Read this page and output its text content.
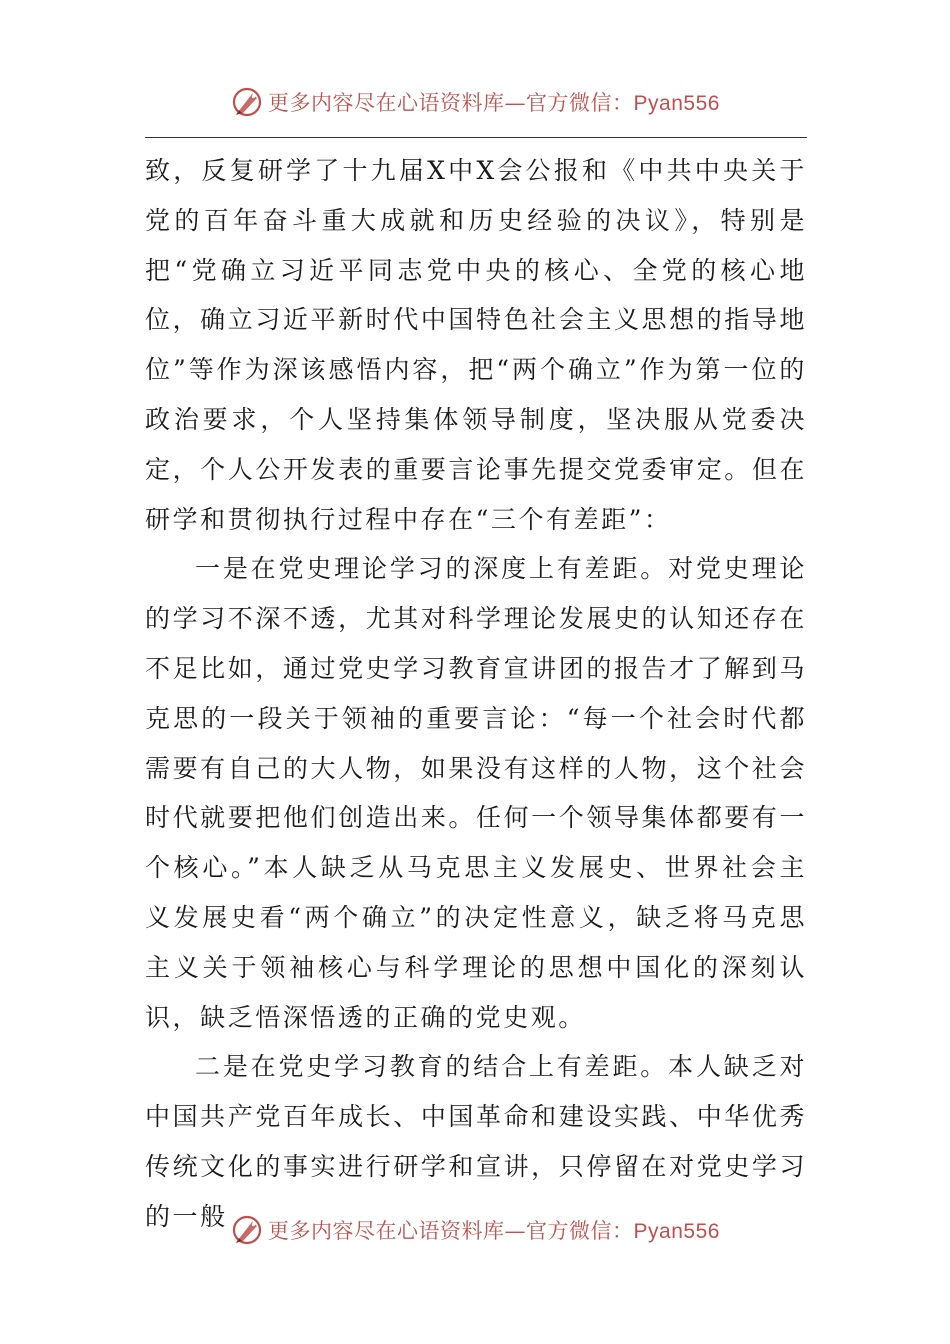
更多内容尽在心语资料库—官方微信：Pyan556

致，反复研学了十九届X中X会公报和《中共中央关于党的百年奋斗重大成就和历史经验的决议》，特别是把“党确立习近平同志党中央的核心、全党的核心地位，确立习近平新时代中国特色社会主义思想的指导地位”等作为深该感悟内容，把“两个确立”作为第一位的政治要求，个人坚持集体领导制度，坚决服从党委决定，个人公开发表的重要言论事先提交党委审定。但在研学和贯彻执行过程中存在“三个有差距”：

一是在党史理论学习的深度上有差距。对党史理论的学习不深不透，尤其对科学理论发展史的认知还存在不足比如，通过党史学习教育宣讲团的报告才了解到马克思的一段关于领袖的重要言论：“每一个社会时代都需要有自己的大人物，如果没有这样的人物，这个社会时代就要把他们创造出来。任何一个领导集体都要有一个核心。”本人缺乏从马克思主义发展史、世界社会主义发展史看“两个确立”的决定性意义，缺乏将马克思主义关于领袖核心与科学理论的思想中国化的深刻认识，缺乏悟深悟透的正确的党史观。

二是在党史学习教育的结合上有差距。本人缺乏对中国共产党百年成长、中国革命和建设实践、中华优秀传统文化的事实进行研学和宣讲，只停留在对党史学习的一般

更多内容尽在心语资料库—官方微信：Pyan556
